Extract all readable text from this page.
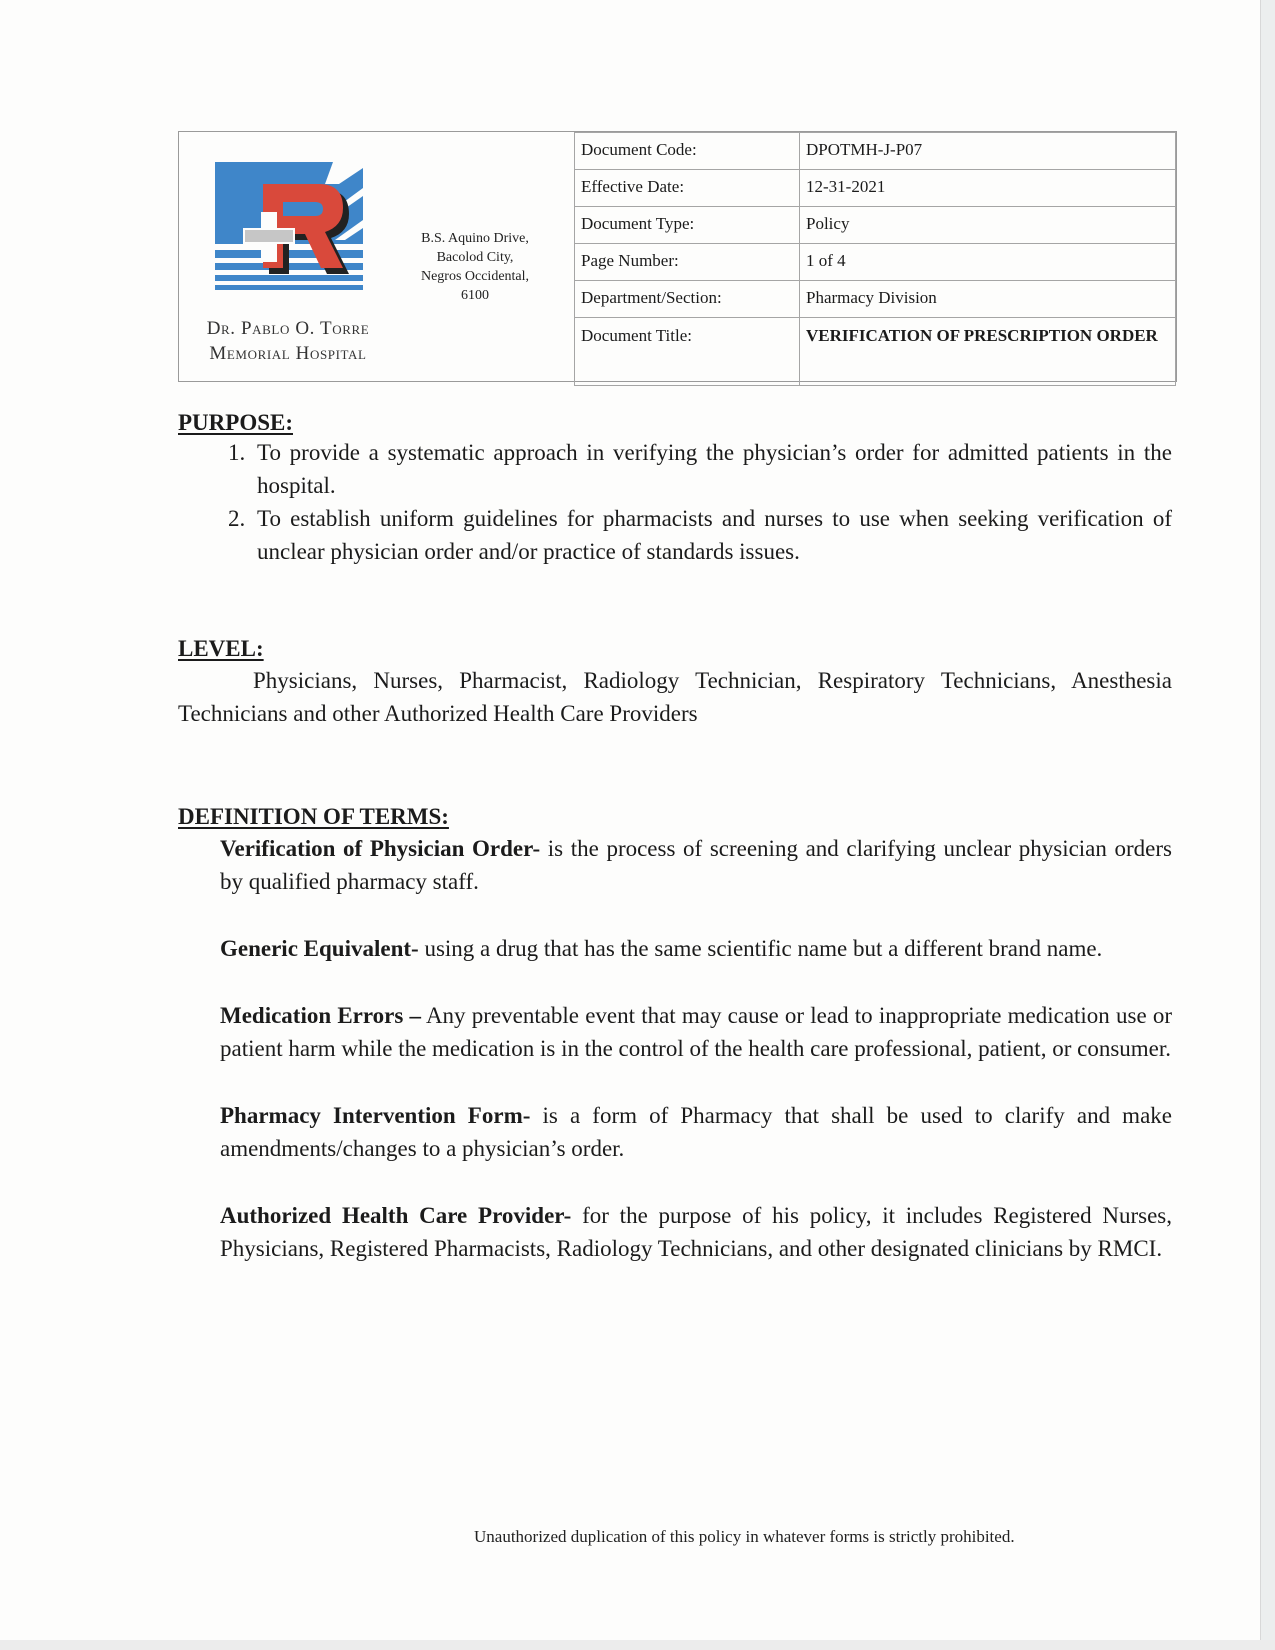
Dr. Pablo O. Torre
Memorial Hospital
B.S. Aquino Drive,
Bacolod City,
Negros Occidental,
6100
Document Code:	DPOTMH-J-P07
Effective Date:	12-31-2021
Document Type:	Policy
Page Number:	1 of 4
Department/Section:	Pharmacy Division
Document Title:	VERIFICATION OF PRESCRIPTION ORDER
PURPOSE:
1. To provide a systematic approach in verifying the physician’s order for admitted patients in the hospital.
2. To establish uniform guidelines for pharmacists and nurses to use when seeking verification of unclear physician order and/or practice of standards issues.
LEVEL:
Physicians, Nurses, Pharmacist, Radiology Technician, Respiratory Technicians, Anesthesia Technicians and other Authorized Health Care Providers
DEFINITION OF TERMS:
Verification of Physician Order- is the process of screening and clarifying unclear physician orders by qualified pharmacy staff.
Generic Equivalent- using a drug that has the same scientific name but a different brand name.
Medication Errors – Any preventable event that may cause or lead to inappropriate medication use or patient harm while the medication is in the control of the health care professional, patient, or consumer.
Pharmacy Intervention Form- is a form of Pharmacy that shall be used to clarify and make amendments/changes to a physician’s order.
Authorized Health Care Provider- for the purpose of his policy, it includes Registered Nurses, Physicians, Registered Pharmacists, Radiology Technicians, and other designated clinicians by RMCI.
Unauthorized duplication of this policy in whatever forms is strictly prohibited.
